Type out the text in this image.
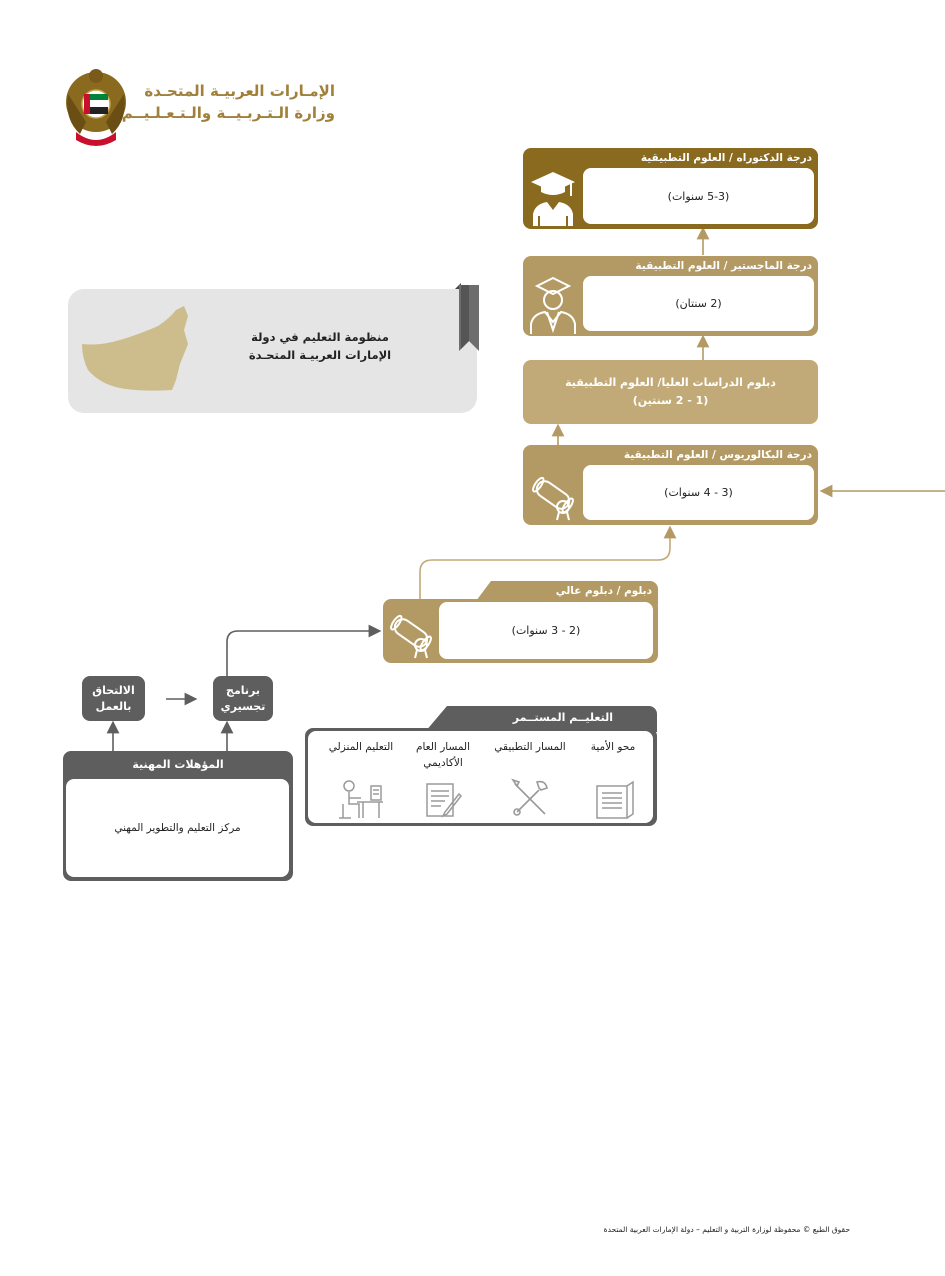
الإمـارات العربيـة المتحـدة
وزارة الـتـربـيــة والـتـعـلـيــم
منظومة التعليم في دولة
الإمارات العربيـة المتحـدة
درجة الدكتوراه / العلوم التطبيقية
(5-3 سنوات)
درجة الماجستير / العلوم التطبيقية
(2 سنتان)
دبلوم الدراسات العليا/ العلوم التطبيقية
(1 - 2 سنتين)
درجة البكالوريوس / العلوم التطبيقية
(3 - 4 سنوات)
دبلوم / دبلوم عالي
(2 - 3 سنوات)
الالتحاق
بالعمل
برنامج
تجسيري
المؤهلات المهنية
مركز التعليم والتطوير المهني
التعليــم المستــمر
محو الأمية
المسار التطبيقي
المسار العام
الأكاديمي
التعليم المنزلي
حقوق الطبع © محفوظة لوزارة التربية و التعليم – دولة الإمارات العربية المتحدة
